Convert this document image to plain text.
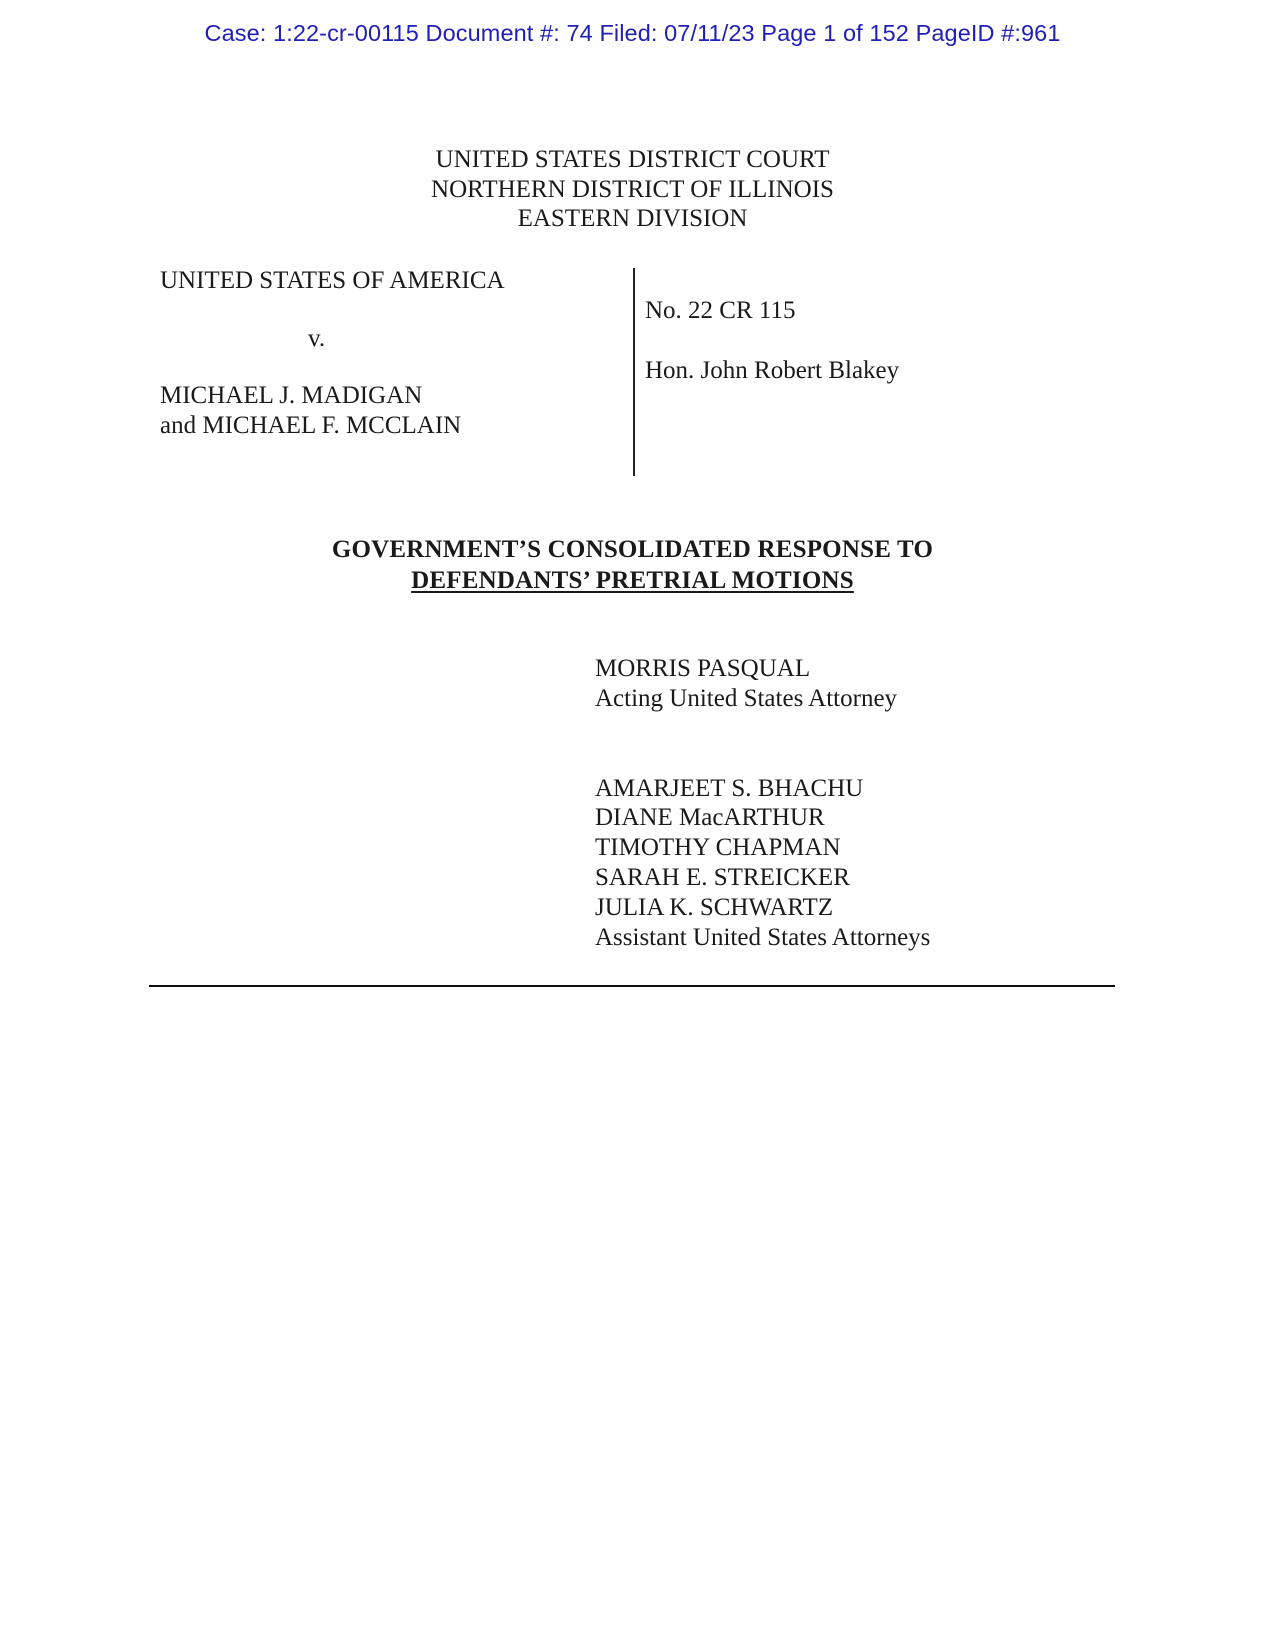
Case: 1:22-cr-00115 Document #: 74 Filed: 07/11/23 Page 1 of 152 PageID #:961
UNITED STATES DISTRICT COURT
NORTHERN DISTRICT OF ILLINOIS
EASTERN DIVISION
UNITED STATES OF AMERICA
v.
MICHAEL J. MADIGAN
and MICHAEL F. MCCLAIN
No. 22 CR 115
Hon. John Robert Blakey
GOVERNMENT’S CONSOLIDATED RESPONSE TO
DEFENDANTS’ PRETRIAL MOTIONS
MORRIS PASQUAL
Acting United States Attorney
AMARJEET S. BHACHU
DIANE MacARTHUR
TIMOTHY CHAPMAN
SARAH E. STREICKER
JULIA K. SCHWARTZ
Assistant United States Attorneys
